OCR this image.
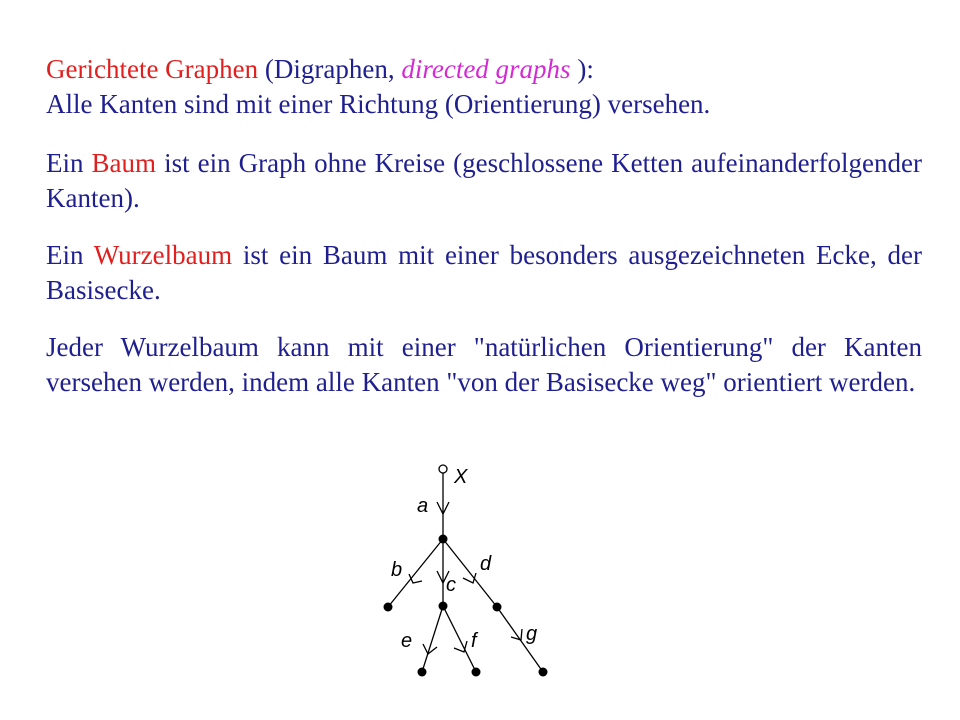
Gerichtete Graphen (Digraphen, directed graphs ):
Alle Kanten sind mit einer Richtung (Orientierung) versehen.

Ein Baum ist ein Graph ohne Kreise (geschlossene Ketten aufeinanderfolgender Kanten).

Ein Wurzelbaum ist ein Baum mit einer besonders ausgezeichneten Ecke, der Basisecke.

Jeder Wurzelbaum kann mit einer "natürlichen Orientierung" der Kanten versehen werden, indem alle Kanten "von der Basisecke weg" orientiert werden.

X
a
b
c
d
e	f g
